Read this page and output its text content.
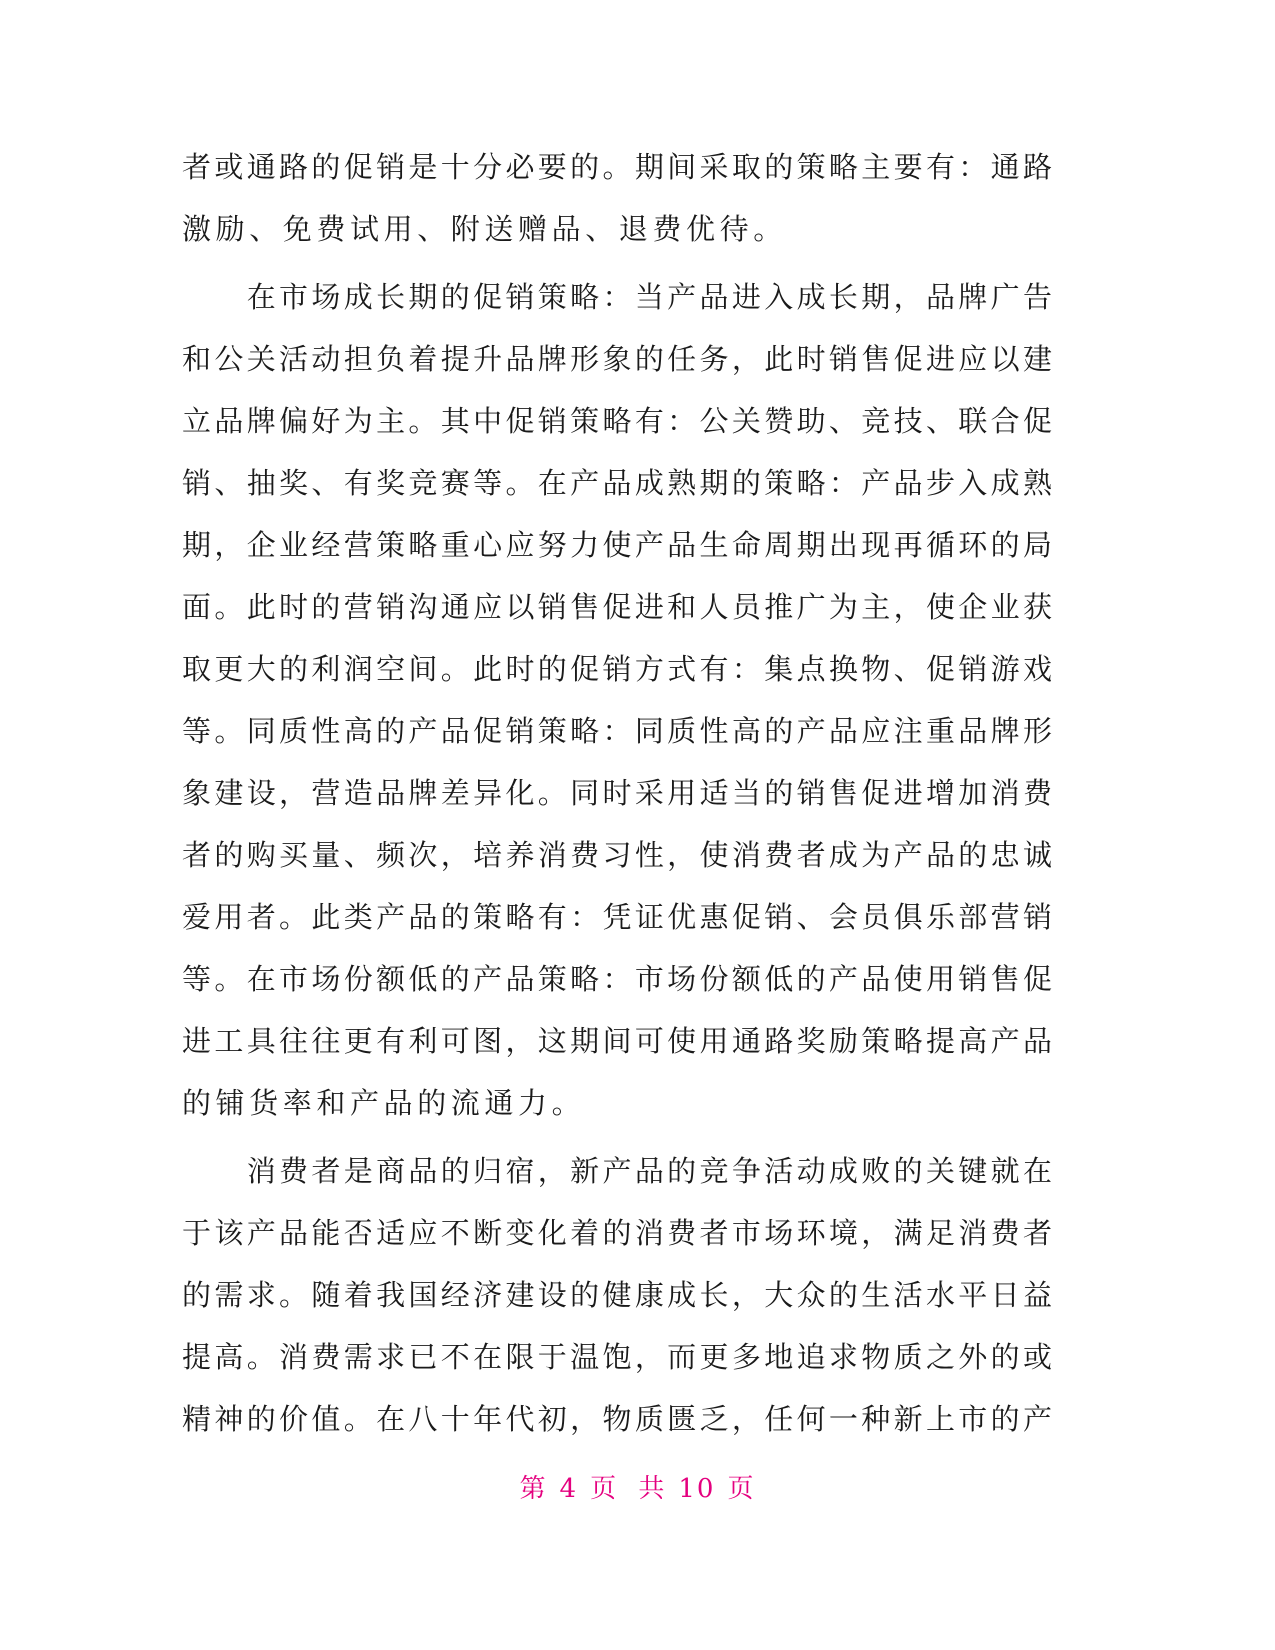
者或通路的促销是十分必要的。期间采取的策略主要有：通路
激励、免费试用、附送赠品、退费优待。
　　在市场成长期的促销策略：当产品进入成长期，品牌广告
和公关活动担负着提升品牌形象的任务，此时销售促进应以建
立品牌偏好为主。其中促销策略有：公关赞助、竞技、联合促
销、抽奖、有奖竞赛等。在产品成熟期的策略：产品步入成熟
期，企业经营策略重心应努力使产品生命周期出现再循环的局
面。此时的营销沟通应以销售促进和人员推广为主，使企业获
取更大的利润空间。此时的促销方式有：集点换物、促销游戏
等。同质性高的产品促销策略：同质性高的产品应注重品牌形
象建设，营造品牌差异化。同时采用适当的销售促进增加消费
者的购买量、频次，培养消费习性，使消费者成为产品的忠诚
爱用者。此类产品的策略有：凭证优惠促销、会员俱乐部营销
等。在市场份额低的产品策略：市场份额低的产品使用销售促
进工具往往更有利可图，这期间可使用通路奖励策略提高产品
的铺货率和产品的流通力。
　　消费者是商品的归宿，新产品的竞争活动成败的关键就在
于该产品能否适应不断变化着的消费者市场环境，满足消费者
的需求。随着我国经济建设的健康成长，大众的生活水平日益
提高。消费需求已不在限于温饱，而更多地追求物质之外的或
精神的价值。在八十年代初，物质匮乏，任何一种新上市的产
第 4 页 共 10 页
